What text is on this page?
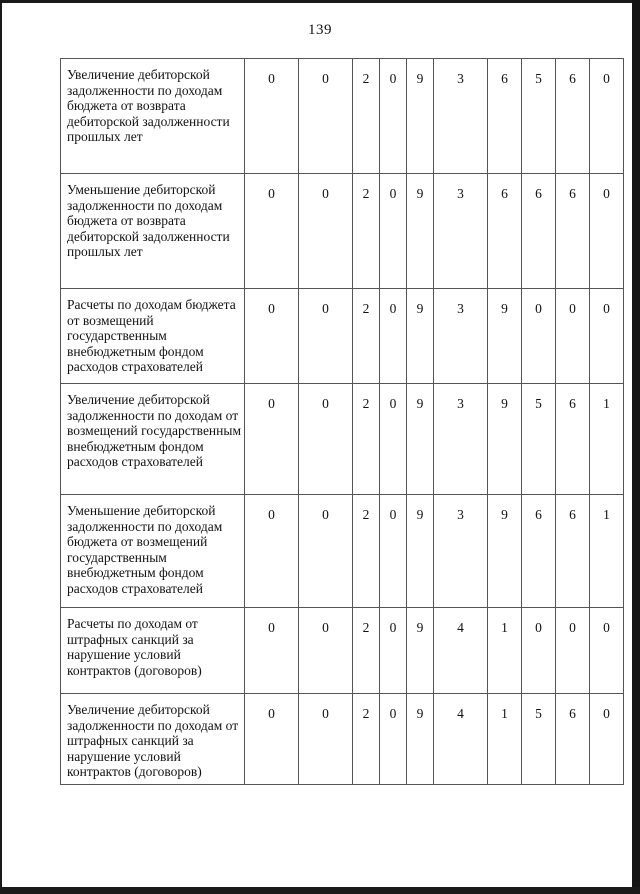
139
Увеличение дебиторской задолженности по доходам бюджета от возврата дебиторской задолженности прошлых лет	0	0	2	0	9	3	6	5	6	0
Уменьшение дебиторской задолженности по доходам бюджета от возврата дебиторской задолженности прошлых лет	0	0	2	0	9	3	6	6	6	0
Расчеты по доходам бюджета от возмещений государственным внебюджетным фондом расходов страхователей	0	0	2	0	9	3	9	0	0	0
Увеличение дебиторской задолженности по доходам от возмещений государственным внебюджетным фондом расходов страхователей	0	0	2	0	9	3	9	5	6	1
Уменьшение дебиторской задолженности по доходам бюджета от возмещений государственным внебюджетным фондом расходов страхователей	0	0	2	0	9	3	9	6	6	1
Расчеты по доходам от штрафных санкций за нарушение условий контрактов (договоров)	0	0	2	0	9	4	1	0	0	0
Увеличение дебиторской задолженности по доходам от штрафных санкций за нарушение условий контрактов (договоров)	0	0	2	0	9	4	1	5	6	0
